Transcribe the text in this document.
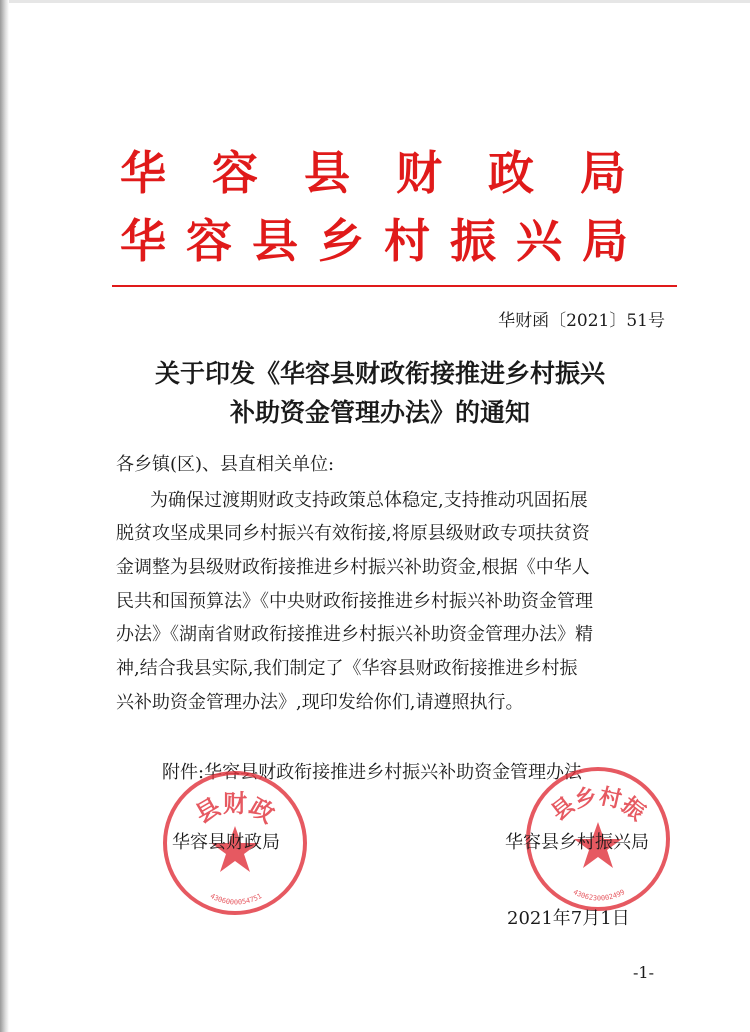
华 容 县 财 政 局
华容县乡村振兴局
华财函〔2021〕51号
关于印发《华容县财政衔接推进乡村振兴
补助资金管理办法》的通知
各乡镇(区)、县直相关单位:
为确保过渡期财政支持政策总体稳定,支持推动巩固拓展
脱贫攻坚成果同乡村振兴有效衔接,将原县级财政专项扶贫资
金调整为县级财政衔接推进乡村振兴补助资金,根据《中华人
民共和国预算法》《中央财政衔接推进乡村振兴补助资金管理
办法》《湖南省财政衔接推进乡村振兴补助资金管理办法》精
神,结合我县实际,我们制定了《华容县财政衔接推进乡村振
兴补助资金管理办法》,现印发给你们,请遵照执行。
附件:华容县财政衔接推进乡村振兴补助资金管理办法
县财政
4306000054751
县乡村振
4306230002499
华容县财政局	华容县乡村振兴局
2021年7月1日
-1-
